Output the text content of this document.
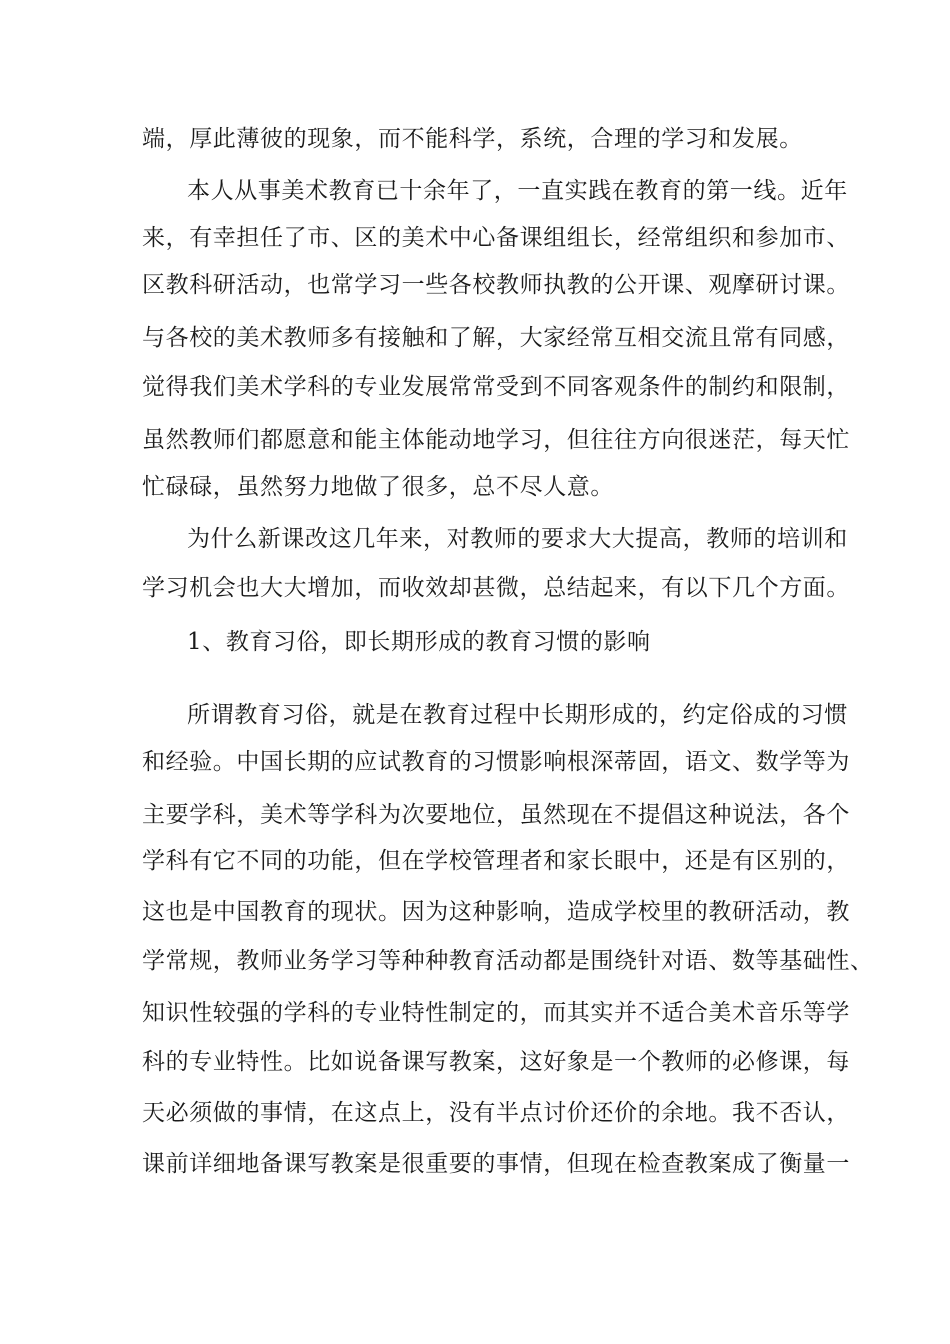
端，厚此薄彼的现象，而不能科学，系统，合理的学习和发展。
本人从事美术教育已十余年了，一直实践在教育的第一线。近年
来，有幸担任了市、区的美术中心备课组组长，经常组织和参加市、
区教科研活动，也常学习一些各校教师执教的公开课、观摩研讨课。
与各校的美术教师多有接触和了解，大家经常互相交流且常有同感，
觉得我们美术学科的专业发展常常受到不同客观条件的制约和限制，
虽然教师们都愿意和能主体能动地学习，但往往方向很迷茫，每天忙
忙碌碌，虽然努力地做了很多，总不尽人意。
为什么新课改这几年来，对教师的要求大大提高，教师的培训和
学习机会也大大增加，而收效却甚微，总结起来，有以下几个方面。
1、教育习俗，即长期形成的教育习惯的影响
所谓教育习俗，就是在教育过程中长期形成的，约定俗成的习惯
和经验。中国长期的应试教育的习惯影响根深蒂固，语文、数学等为
主要学科，美术等学科为次要地位，虽然现在不提倡这种说法，各个
学科有它不同的功能，但在学校管理者和家长眼中，还是有区别的，
这也是中国教育的现状。因为这种影响，造成学校里的教研活动，教
学常规，教师业务学习等种种教育活动都是围绕针对语、数等基础性、
知识性较强的学科的专业特性制定的，而其实并不适合美术音乐等学
科的专业特性。比如说备课写教案，这好象是一个教师的必修课，每
天必须做的事情，在这点上，没有半点讨价还价的余地。我不否认，
课前详细地备课写教案是很重要的事情，但现在检查教案成了衡量一
